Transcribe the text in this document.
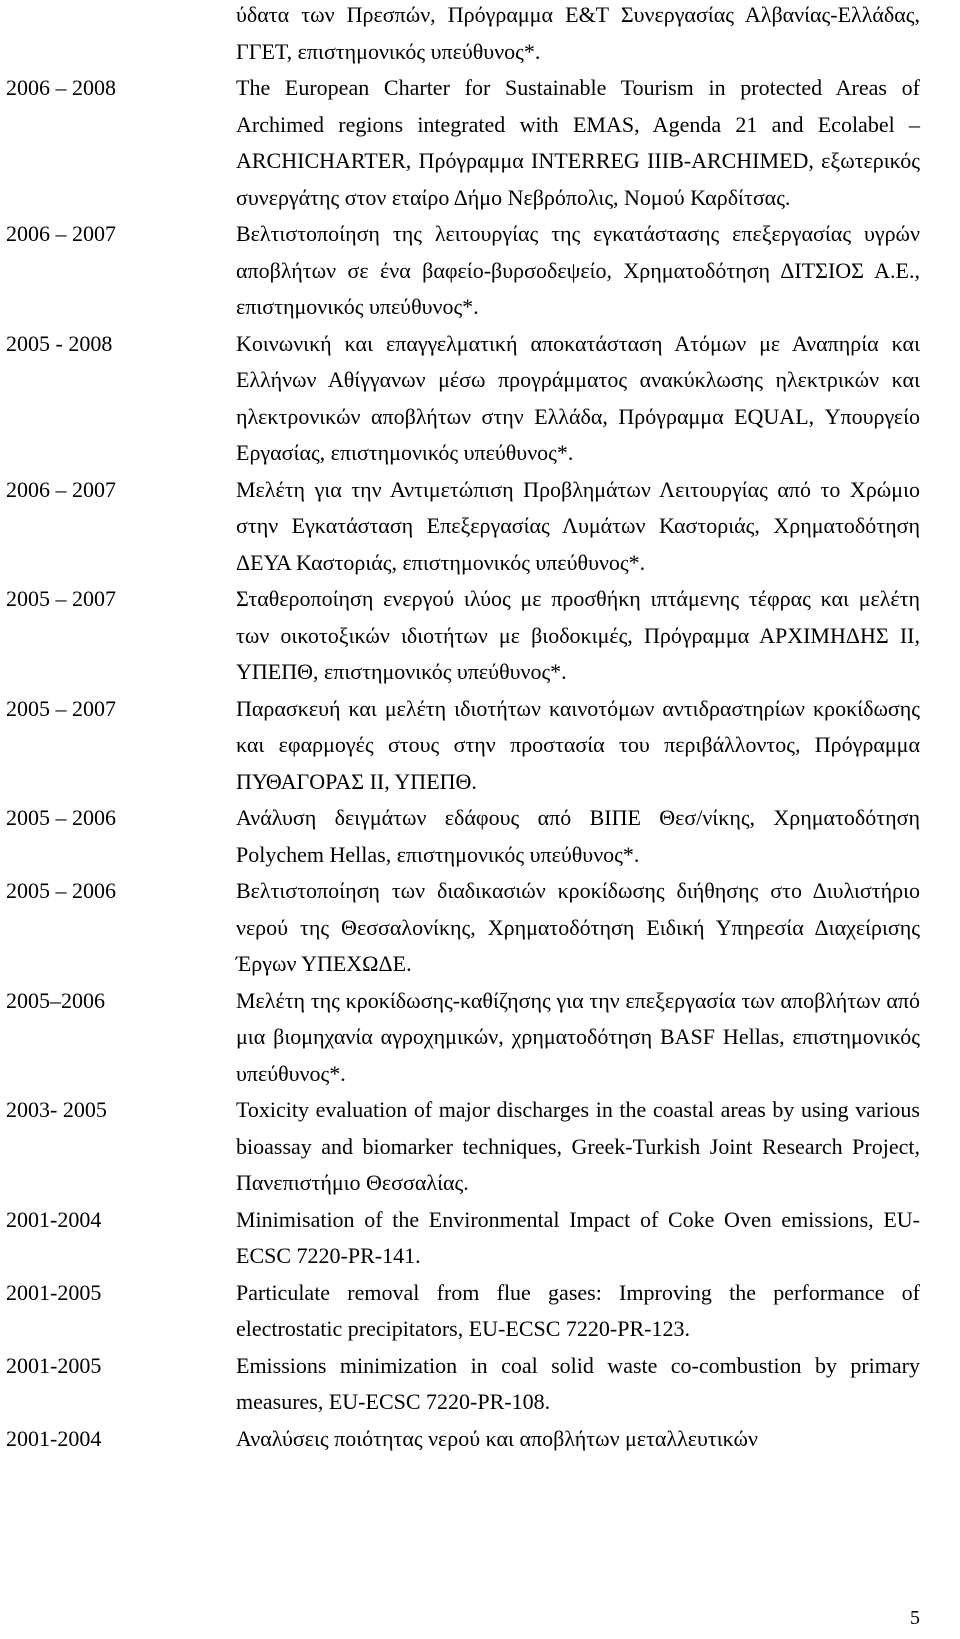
ύδατα των Πρεσπών, Πρόγραμμα Ε&Τ Συνεργασίας Αλβανίας-Ελλάδας, ΓΓΕΤ, επιστημονικός υπεύθυνος*.
2006 – 2008	The European Charter for Sustainable Tourism in protected Areas of Archimed regions integrated with EMAS, Agenda 21 and Ecolabel – ARCHICHARTER, Πρόγραμμα INTERREG IIIB-ARCHIMED, εξωτερικός συνεργάτης στον εταίρο Δήμο Νεβρόπολις, Νομού Καρδίτσας.
2006 – 2007	Βελτιστοποίηση της λειτουργίας της εγκατάστασης επεξεργασίας υγρών αποβλήτων σε ένα βαφείο-βυρσοδεψείο, Χρηματοδότηση ΔΙΤΣΙΟΣ Α.Ε., επιστημονικός υπεύθυνος*.
2005 - 2008	Κοινωνική και επαγγελματική αποκατάσταση Ατόμων με Αναπηρία και Ελλήνων Αθίγγανων μέσω προγράμματος ανακύκλωσης ηλεκτρικών και ηλεκτρονικών αποβλήτων στην Ελλάδα, Πρόγραμμα EQUAL, Υπουργείο Εργασίας, επιστημονικός υπεύθυνος*.
2006 – 2007	Μελέτη για την Αντιμετώπιση Προβλημάτων Λειτουργίας από το Χρώμιο στην Εγκατάσταση Επεξεργασίας Λυμάτων Καστοριάς, Χρηματοδότηση ΔΕΥΑ Καστοριάς, επιστημονικός υπεύθυνος*.
2005 – 2007	Σταθεροποίηση ενεργού ιλύος με προσθήκη ιπτάμενης τέφρας και μελέτη των οικοτοξικών ιδιοτήτων με βιοδοκιμές, Πρόγραμμα ΑΡΧΙΜΗΔΗΣ ΙΙ, ΥΠΕΠΘ, επιστημονικός υπεύθυνος*.
2005 – 2007	Παρασκευή και μελέτη ιδιοτήτων καινοτόμων αντιδραστηρίων κροκίδωσης και εφαρμογές στους στην προστασία του περιβάλλοντος, Πρόγραμμα ΠΥΘΑΓΟΡΑΣ ΙΙ, ΥΠΕΠΘ.
2005 – 2006	Ανάλυση δειγμάτων εδάφους από ΒΙΠΕ Θεσ/νίκης, Χρηματοδότηση Polychem Hellas, επιστημονικός υπεύθυνος*.
2005 – 2006	Βελτιστοποίηση των διαδικασιών κροκίδωσης διήθησης στο Διυλιστήριο νερού της Θεσσαλονίκης, Χρηματοδότηση Ειδική Υπηρεσία Διαχείρισης Έργων ΥΠΕΧΩΔΕ.
2005–2006	Μελέτη της κροκίδωσης-καθίζησης για την επεξεργασία των αποβλήτων από μια βιομηχανία αγροχημικών, χρηματοδότηση BASF Hellas, επιστημονικός υπεύθυνος*.
2003- 2005	Toxicity evaluation of major discharges in the coastal areas by using various bioassay and biomarker techniques, Greek-Turkish Joint Research Project, Πανεπιστήμιο Θεσσαλίας.
2001-2004	Minimisation of the Environmental Impact of Coke Oven emissions, EU-ECSC 7220-PR-141.
2001-2005	Particulate removal from flue gases: Improving the performance of electrostatic precipitators, EU-ECSC 7220-PR-123.
2001-2005	Emissions minimization in coal solid waste co-combustion by primary measures, EU-ECSC 7220-PR-108.
2001-2004	Αναλύσεις ποιότητας νερού και αποβλήτων μεταλλευτικών
5
